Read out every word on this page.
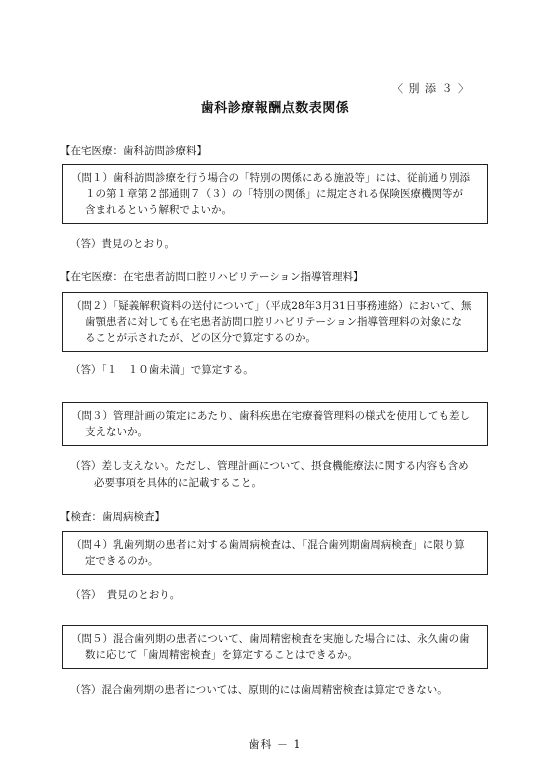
〈 別 添 ３ 〉
歯科診療報酬点数表関係
【在宅医療：歯科訪問診療料】
（問１）歯科訪問診療を行う場合の「特別の関係にある施設等」には、従前通り別添
１の第１章第２部通則７（３）の「特別の関係」に規定される保険医療機関等が
含まれるという解釈でよいか。
（答）貴見のとおり。
【在宅医療：在宅患者訪問口腔リハビリテーション指導管理料】
（問２）「疑義解釈資料の送付について」（平成28年3月31日事務連絡）において、無
歯顎患者に対しても在宅患者訪問口腔リハビリテーション指導管理料の対象にな
ることが示されたが、どの区分で算定するのか。
（答）「１　１０歯未満」で算定する。
（問３）管理計画の策定にあたり、歯科疾患在宅療養管理料の様式を使用しても差し
支えないか。
（答）差し支えない。ただし、管理計画について、摂食機能療法に関する内容も含め
必要事項を具体的に記載すること。
【検査：歯周病検査】
（問４）乳歯列期の患者に対する歯周病検査は、「混合歯列期歯周病検査」に限り算
定できるのか。
（答）　貴見のとおり。
（問５）混合歯列期の患者について、歯周精密検査を実施した場合には、永久歯の歯
数に応じて「歯周精密検査」を算定することはできるか。
（答）混合歯列期の患者については、原則的には歯周精密検査は算定できない。
歯科 － 1
